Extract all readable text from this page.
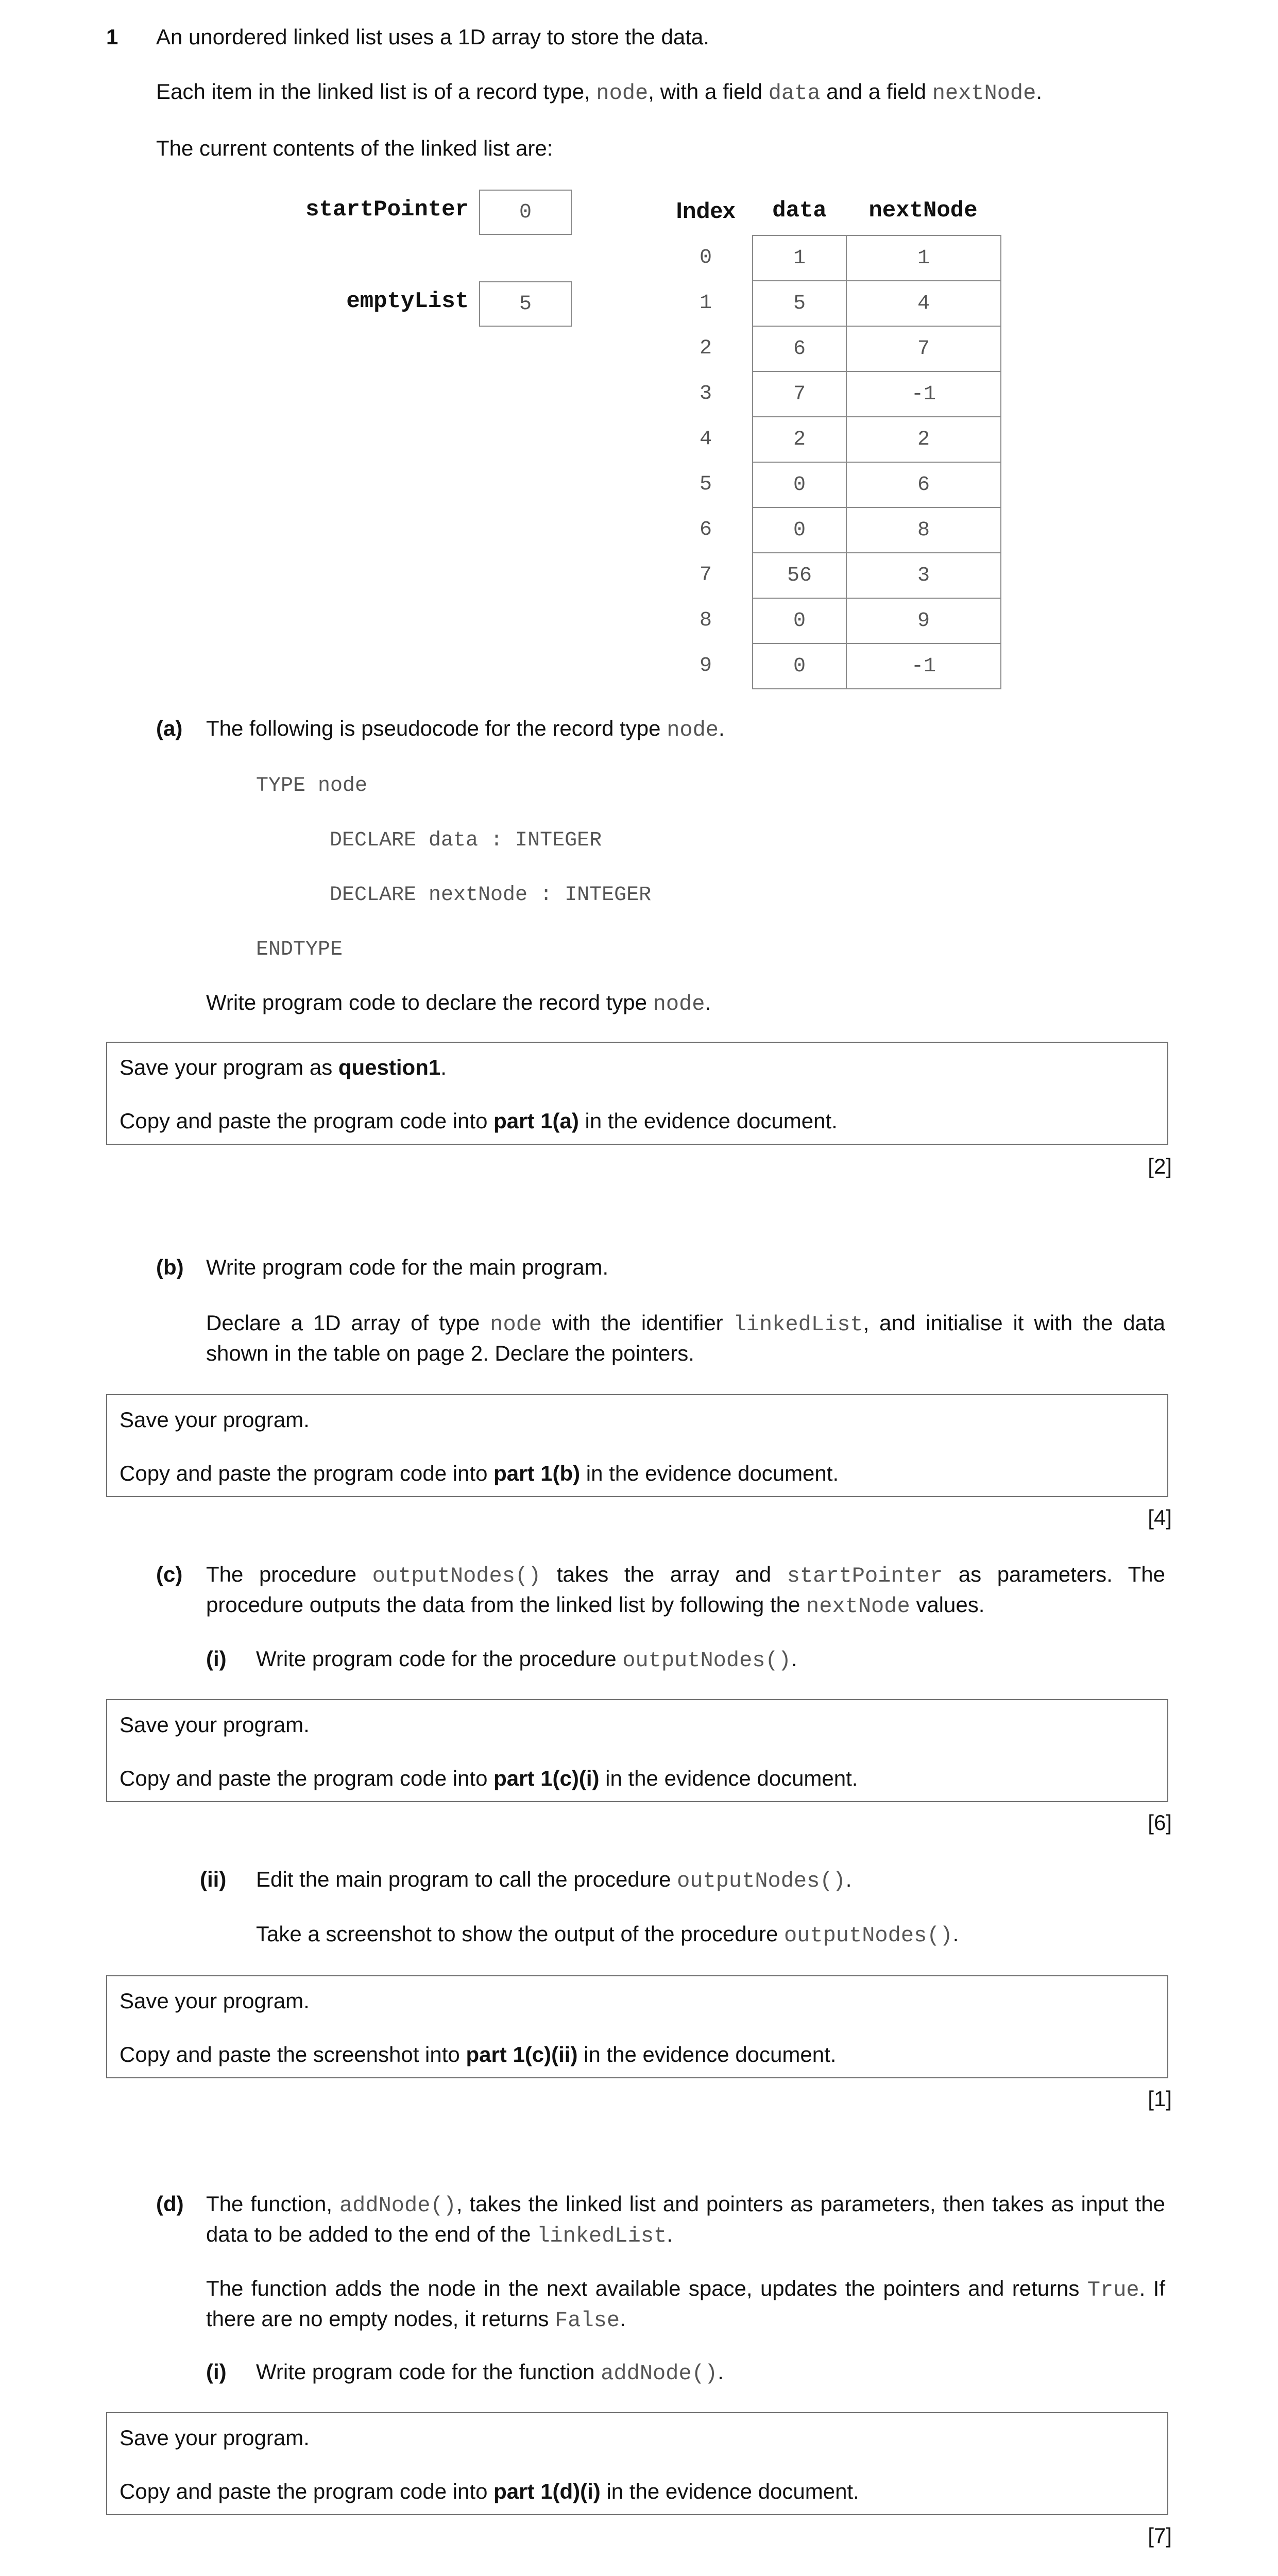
1 An unordered linked list uses a 1D array to store the data.
Each item in the linked list is of a record type, node, with a field data and a field nextNode.
The current contents of the linked list are:
startPointer	0
emptyList	5
Index	data	nextNode
0	1	1
1	5	4
2	6	7
3	7	-1
4	2	2
5	0	6
6	0	8
7	56	3
8	0	9
9	0	-1
(a) The following is pseudocode for the record type node.
TYPE node
DECLARE data : INTEGER
DECLARE nextNode : INTEGER
ENDTYPE
Write program code to declare the record type node.

Save your program as question1.

Copy and paste the program code into part 1(a) in the evidence document.

[2]
(b) Write program code for the main program.
Declare a 1D array of type node with the identifier linkedList, and initialise it with the data shown in the table on page 2. Declare the pointers.

Save your program.

Copy and paste the program code into part 1(b) in the evidence document.

[4]
(c) The procedure outputNodes() takes the array and startPointer as parameters. The procedure outputs the data from the linked list by following the nextNode values.
(i) Write program code for the procedure outputNodes().

Save your program.

Copy and paste the program code into part 1(c)(i) in the evidence document.

[6]
(ii) Edit the main program to call the procedure outputNodes().
Take a screenshot to show the output of the procedure outputNodes().

Save your program.

Copy and paste the screenshot into part 1(c)(ii) in the evidence document.

[1]
(d) The function, addNode(), takes the linked list and pointers as parameters, then takes as input the data to be added to the end of the linkedList.
The function adds the node in the next available space, updates the pointers and returns True. If there are no empty nodes, it returns False.
(i) Write program code for the function addNode().

Save your program.

Copy and paste the program code into part 1(d)(i) in the evidence document.

[7]
